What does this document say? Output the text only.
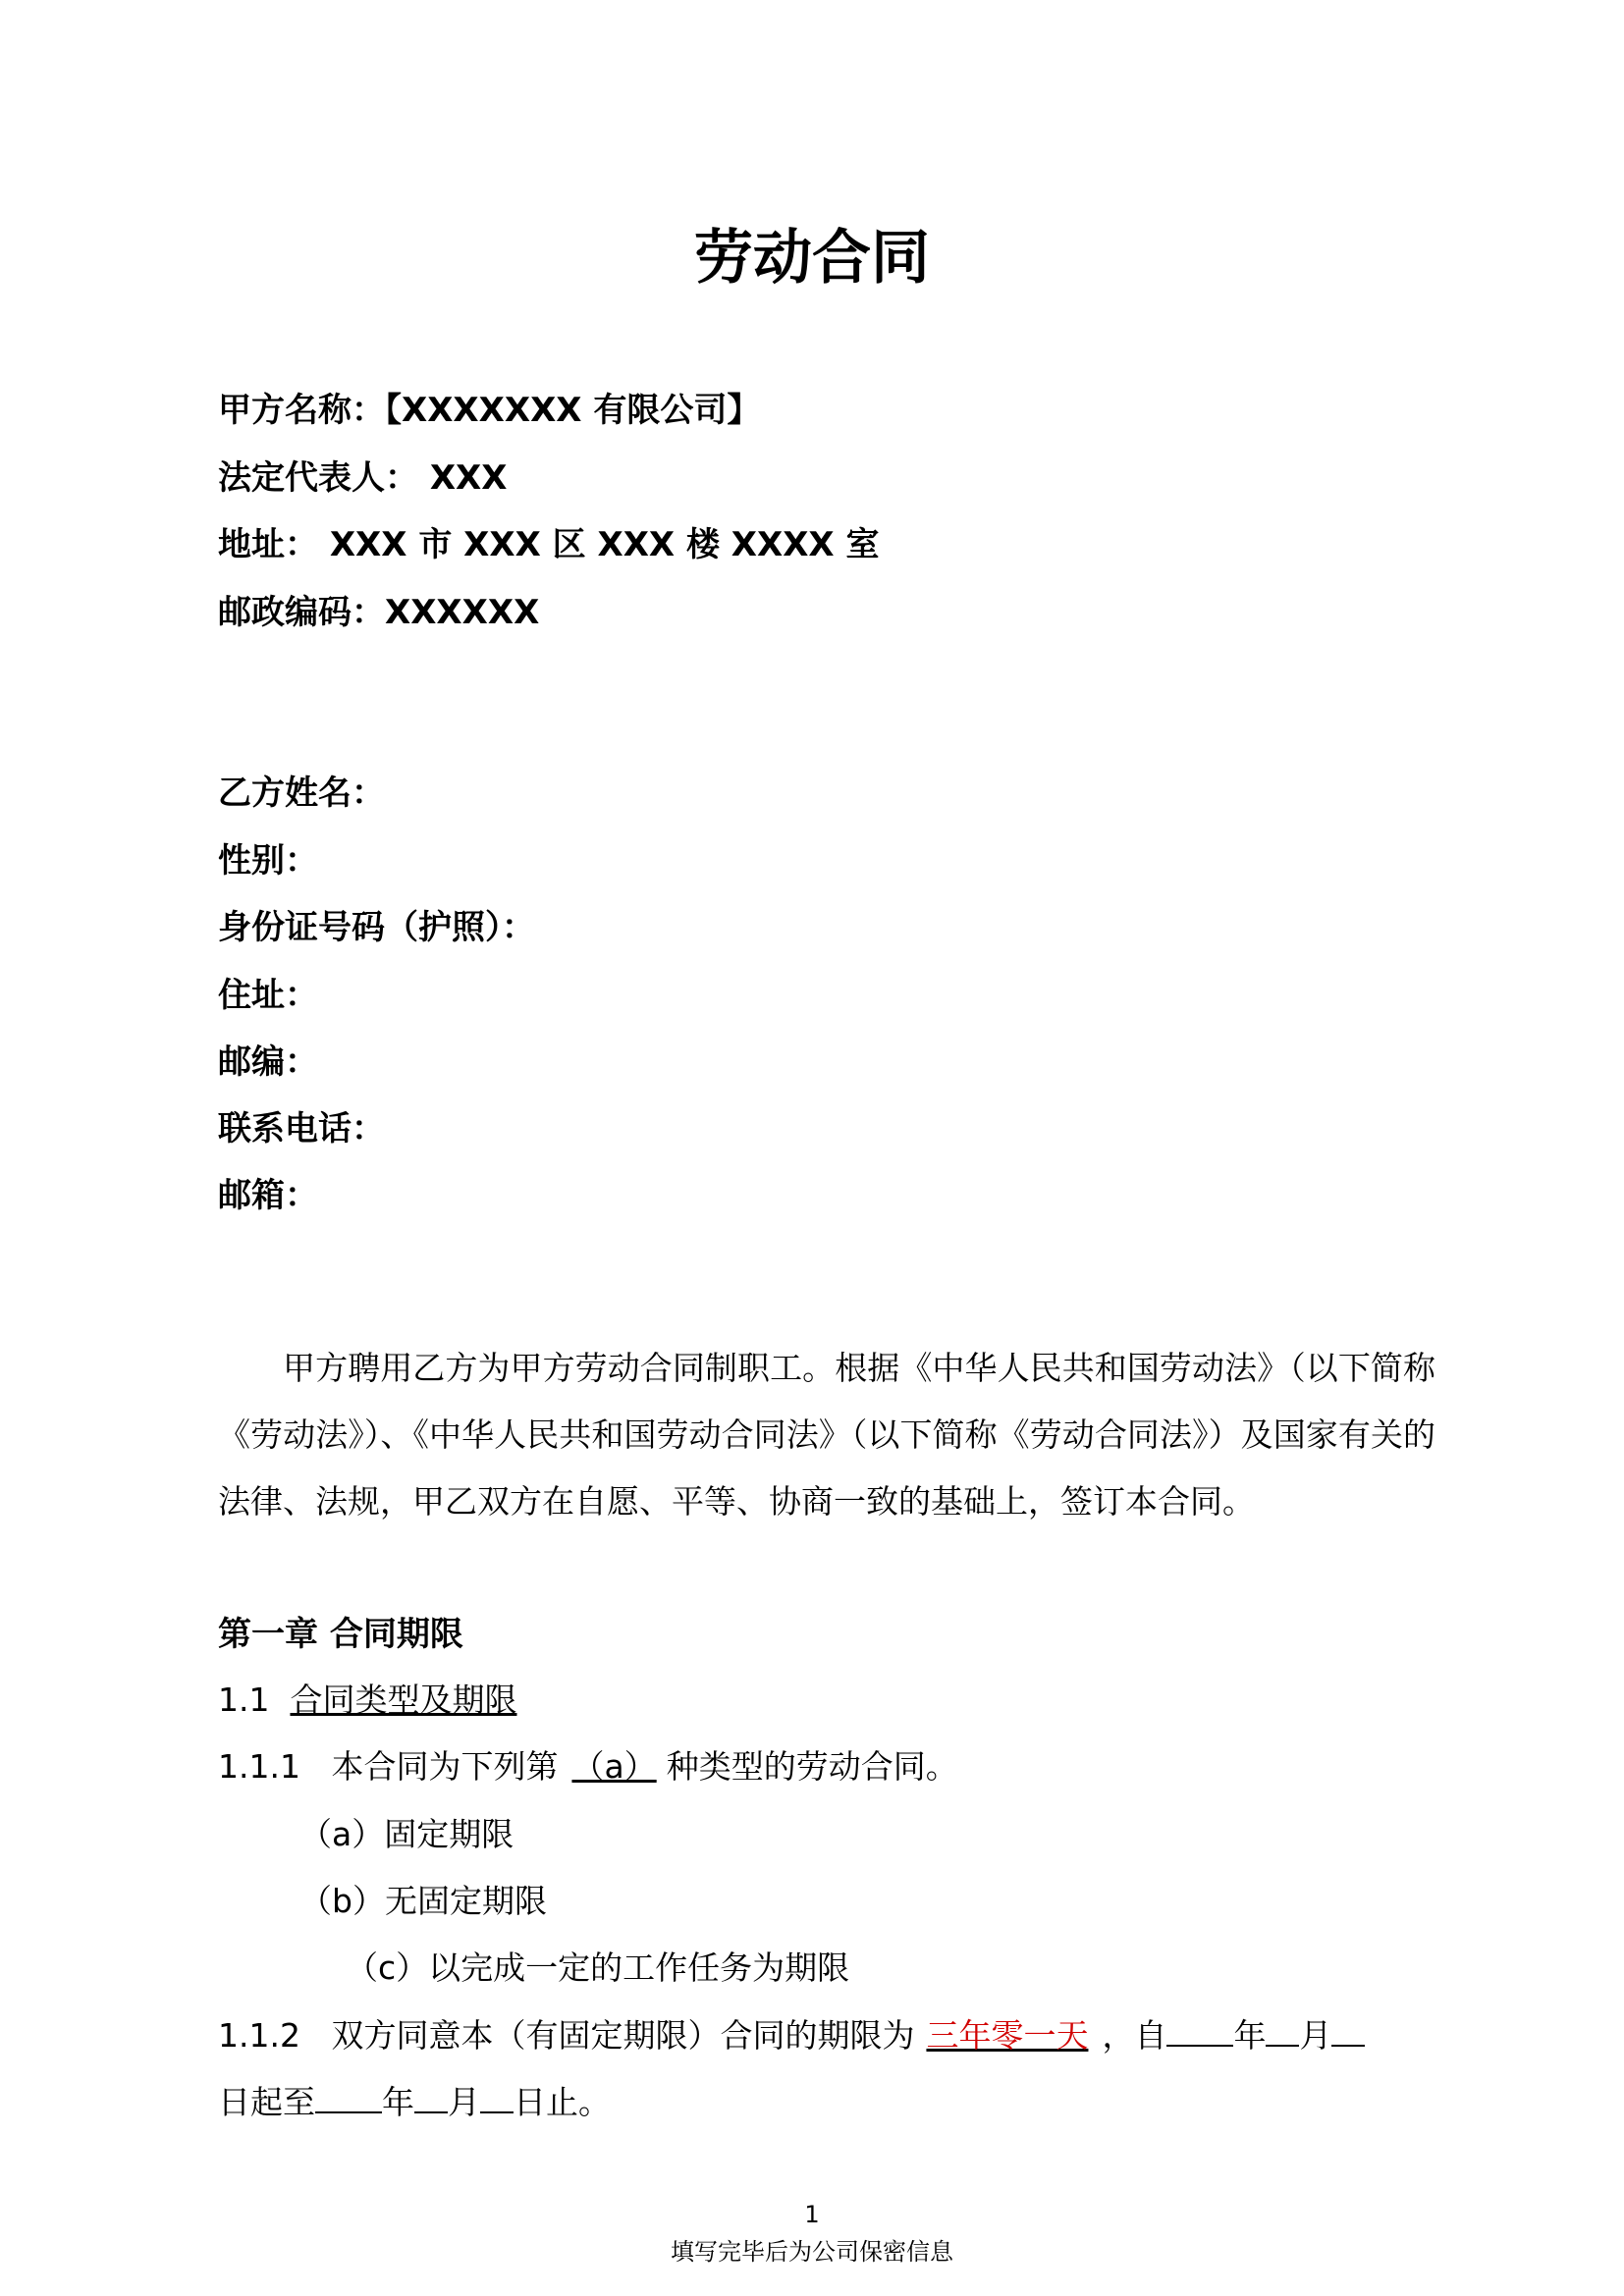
劳动合同
甲方名称：【XXXXXXX 有限公司】
法定代表人： XXX
地址： XXX 市 XXX 区 XXX 楼 XXXX 室
邮政编码：XXXXXX
乙方姓名：
性别：
身份证号码（护照）：
住址：
邮编：
联系电话：
邮箱：
甲方聘用乙方为甲方劳动合同制职工。根据《中华人民共和国劳动法》（以下简称《劳动法》）、《中华人民共和国劳动合同法》（以下简称《劳动合同法》）及国家有关的法律、法规，甲乙双方在自愿、平等、协商一致的基础上，签订本合同。
第一章 合同期限
1.1 合同类型及期限
1.1.1 本合同为下列第 （a） 种类型的劳动合同。
（a）固定期限
（b）无固定期限
（c）以完成一定的工作任务为期限
1.1.2 双方同意本（有固定期限）合同的期限为 三年零一天 ，自 年 月
日起至 年 月 日止。
1
填写完毕后为公司保密信息
